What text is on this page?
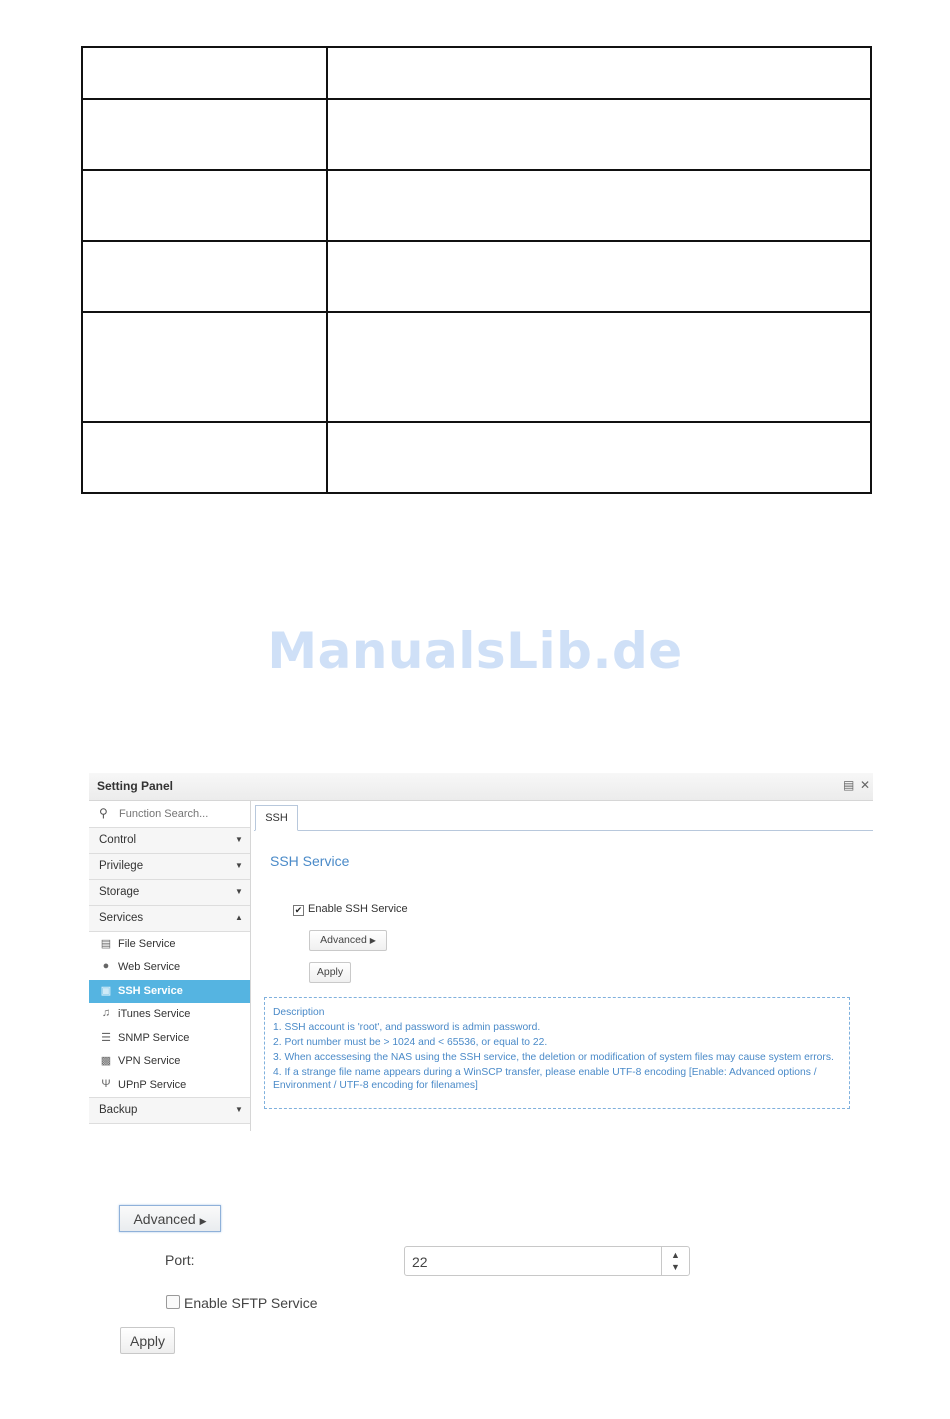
ManualsLib.de
Setting Panel	▤ ✕
⚲
Function Search...
Control	▼
Privilege	▼
Storage	▼
Services	▲
▤ File Service
● Web Service
▣ SSH Service
♫ iTunes Service
☰ SNMP Service
▩ VPN Service
Ψ UPnP Service
Backup	▼
SSH
SSH Service
✔ Enable SSH Service
Advanced ▶
Apply

Description

1. SSH account is 'root', and password is admin password.

2. Port number must be > 1024 and < 65536, or equal to 22.

3. When accessesing the NAS using the SSH service, the deletion or modification of system files may cause system errors.

4. If a strange file name appears during a WinSCP transfer, please enable UTF-8 encoding [Enable: Advanced options / Environment / UTF-8 encoding for filenames]

Advanced ▶
Port:
22	▲
▼
Enable SFTP Service
Apply
